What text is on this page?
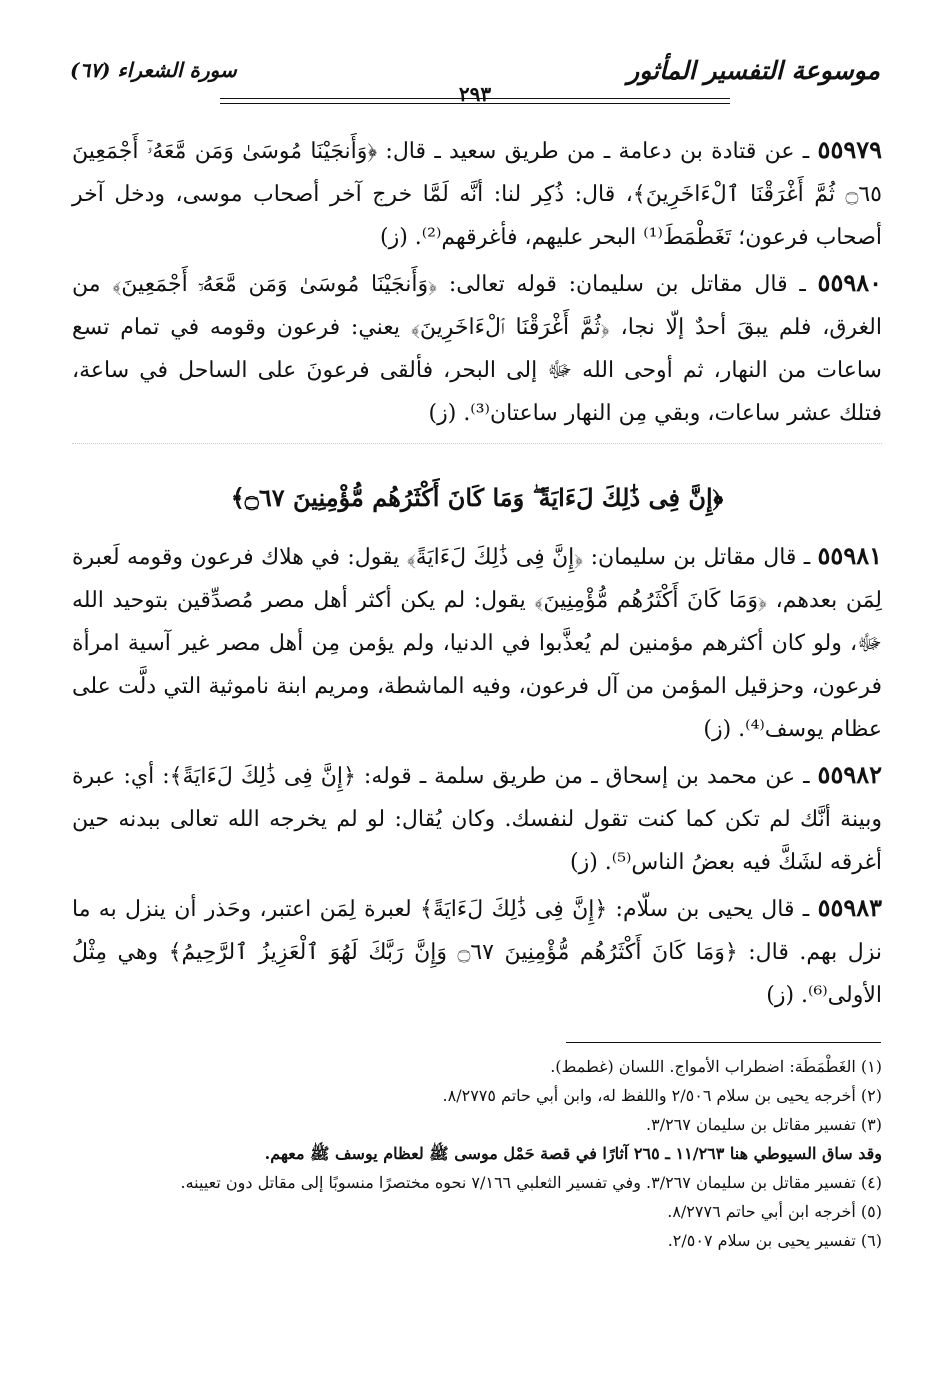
موسوعة التفسير المأثور
سورة الشعراء (٦٧)
٢٩٣

٥٥٩٧٩ ـ عن قتادة بن دعامة ـ من طريق سعيد ـ قال: ﴿وَأَنجَيْنَا مُوسَىٰ وَمَن مَّعَهُۥٓ أَجْمَعِينَ ۝٦٥ ثُمَّ أَغْرَقْنَا ٱلْءَاخَرِينَ﴾، قال: ذُكِر لنا: أنَّه لَمَّا خرج آخر أصحاب موسى، ودخل آخر أصحاب فرعون؛ تَغَطْمَطَ⁽¹⁾ البحر عليهم، فأغرقهم⁽²⁾. (ز)

٥٥٩٨٠ ـ قال مقاتل بن سليمان: قوله تعالى: ﴿وَأَنجَيْنَا مُوسَىٰ وَمَن مَّعَهُۥٓ أَجْمَعِينَ﴾ من الغرق، فلم يبقَ أحدٌ إلّا نجا، ﴿ثُمَّ أَغْرَقْنَا ٱلْءَاخَرِينَ﴾ يعني: فرعون وقومه في تمام تسع ساعات من النهار، ثم أوحى الله ﷻ إلى البحر، فألقى فرعونَ على الساحل في ساعة، فتلك عشر ساعات، وبقي مِن النهار ساعتان⁽³⁾. (ز)

﴿إِنَّ فِى ذَٰلِكَ لَءَايَةً ۖ وَمَا كَانَ أَكْثَرُهُم مُّؤْمِنِينَ ۝٦٧﴾

٥٥٩٨١ ـ قال مقاتل بن سليمان: ﴿إِنَّ فِى ذَٰلِكَ لَءَايَةً﴾ يقول: في هلاك فرعون وقومه لَعبرة لِمَن بعدهم، ﴿وَمَا كَانَ أَكْثَرُهُم مُّؤْمِنِينَ﴾ يقول: لم يكن أكثر أهل مصر مُصدِّقين بتوحيد الله ﷻ، ولو كان أكثرهم مؤمنين لم يُعذَّبوا في الدنيا، ولم يؤمن مِن أهل مصر غير آسية امرأة فرعون، وحزقيل المؤمن من آل فرعون، وفيه الماشطة، ومريم ابنة ناموثية التي دلَّت على عظام يوسف⁽⁴⁾. (ز)

٥٥٩٨٢ ـ عن محمد بن إسحاق ـ من طريق سلمة ـ قوله: ﴿إِنَّ فِى ذَٰلِكَ لَءَايَةً﴾: أي: عبرة وبينة أنَّك لم تكن كما كنت تقول لنفسك. وكان يُقال: لو لم يخرجه الله تعالى ببدنه حين أغرقه لشَكَّ فيه بعضُ الناس⁽⁵⁾. (ز)

٥٥٩٨٣ ـ قال يحيى بن سلّام: ﴿إِنَّ فِى ذَٰلِكَ لَءَايَةً﴾ لعبرة لِمَن اعتبر، وحَذر أن ينزل به ما نزل بهم. قال: ﴿وَمَا كَانَ أَكْثَرُهُم مُّؤْمِنِينَ ۝٦٧ وَإِنَّ رَبَّكَ لَهُوَ ٱلْعَزِيزُ ٱلرَّحِيمُ﴾ وهي مِثْلُ الأولى⁽⁶⁾. (ز)

(١) الغَطْمَطَة: اضطراب الأمواج. اللسان (غطمط).
(٢) أخرجه يحيى بن سلام ٢/٥٠٦ واللفظ له، وابن أبي حاتم ٨/٢٧٧٥.
(٣) تفسير مقاتل بن سليمان ٣/٢٦٧.
وقد ساق السيوطي هنا ١١/٢٦٣ ـ ٢٦٥ آثارًا في قصة حَمْل موسى ﷺ لعظام يوسف ﷺ معهم.
(٤) تفسير مقاتل بن سليمان ٣/٢٦٧. وفي تفسير الثعلبي ٧/١٦٦ نحوه مختصرًا منسوبًا إلى مقاتل دون تعيينه.
(٥) أخرجه ابن أبي حاتم ٨/٢٧٧٦.
(٦) تفسير يحيى بن سلام ٢/٥٠٧.
